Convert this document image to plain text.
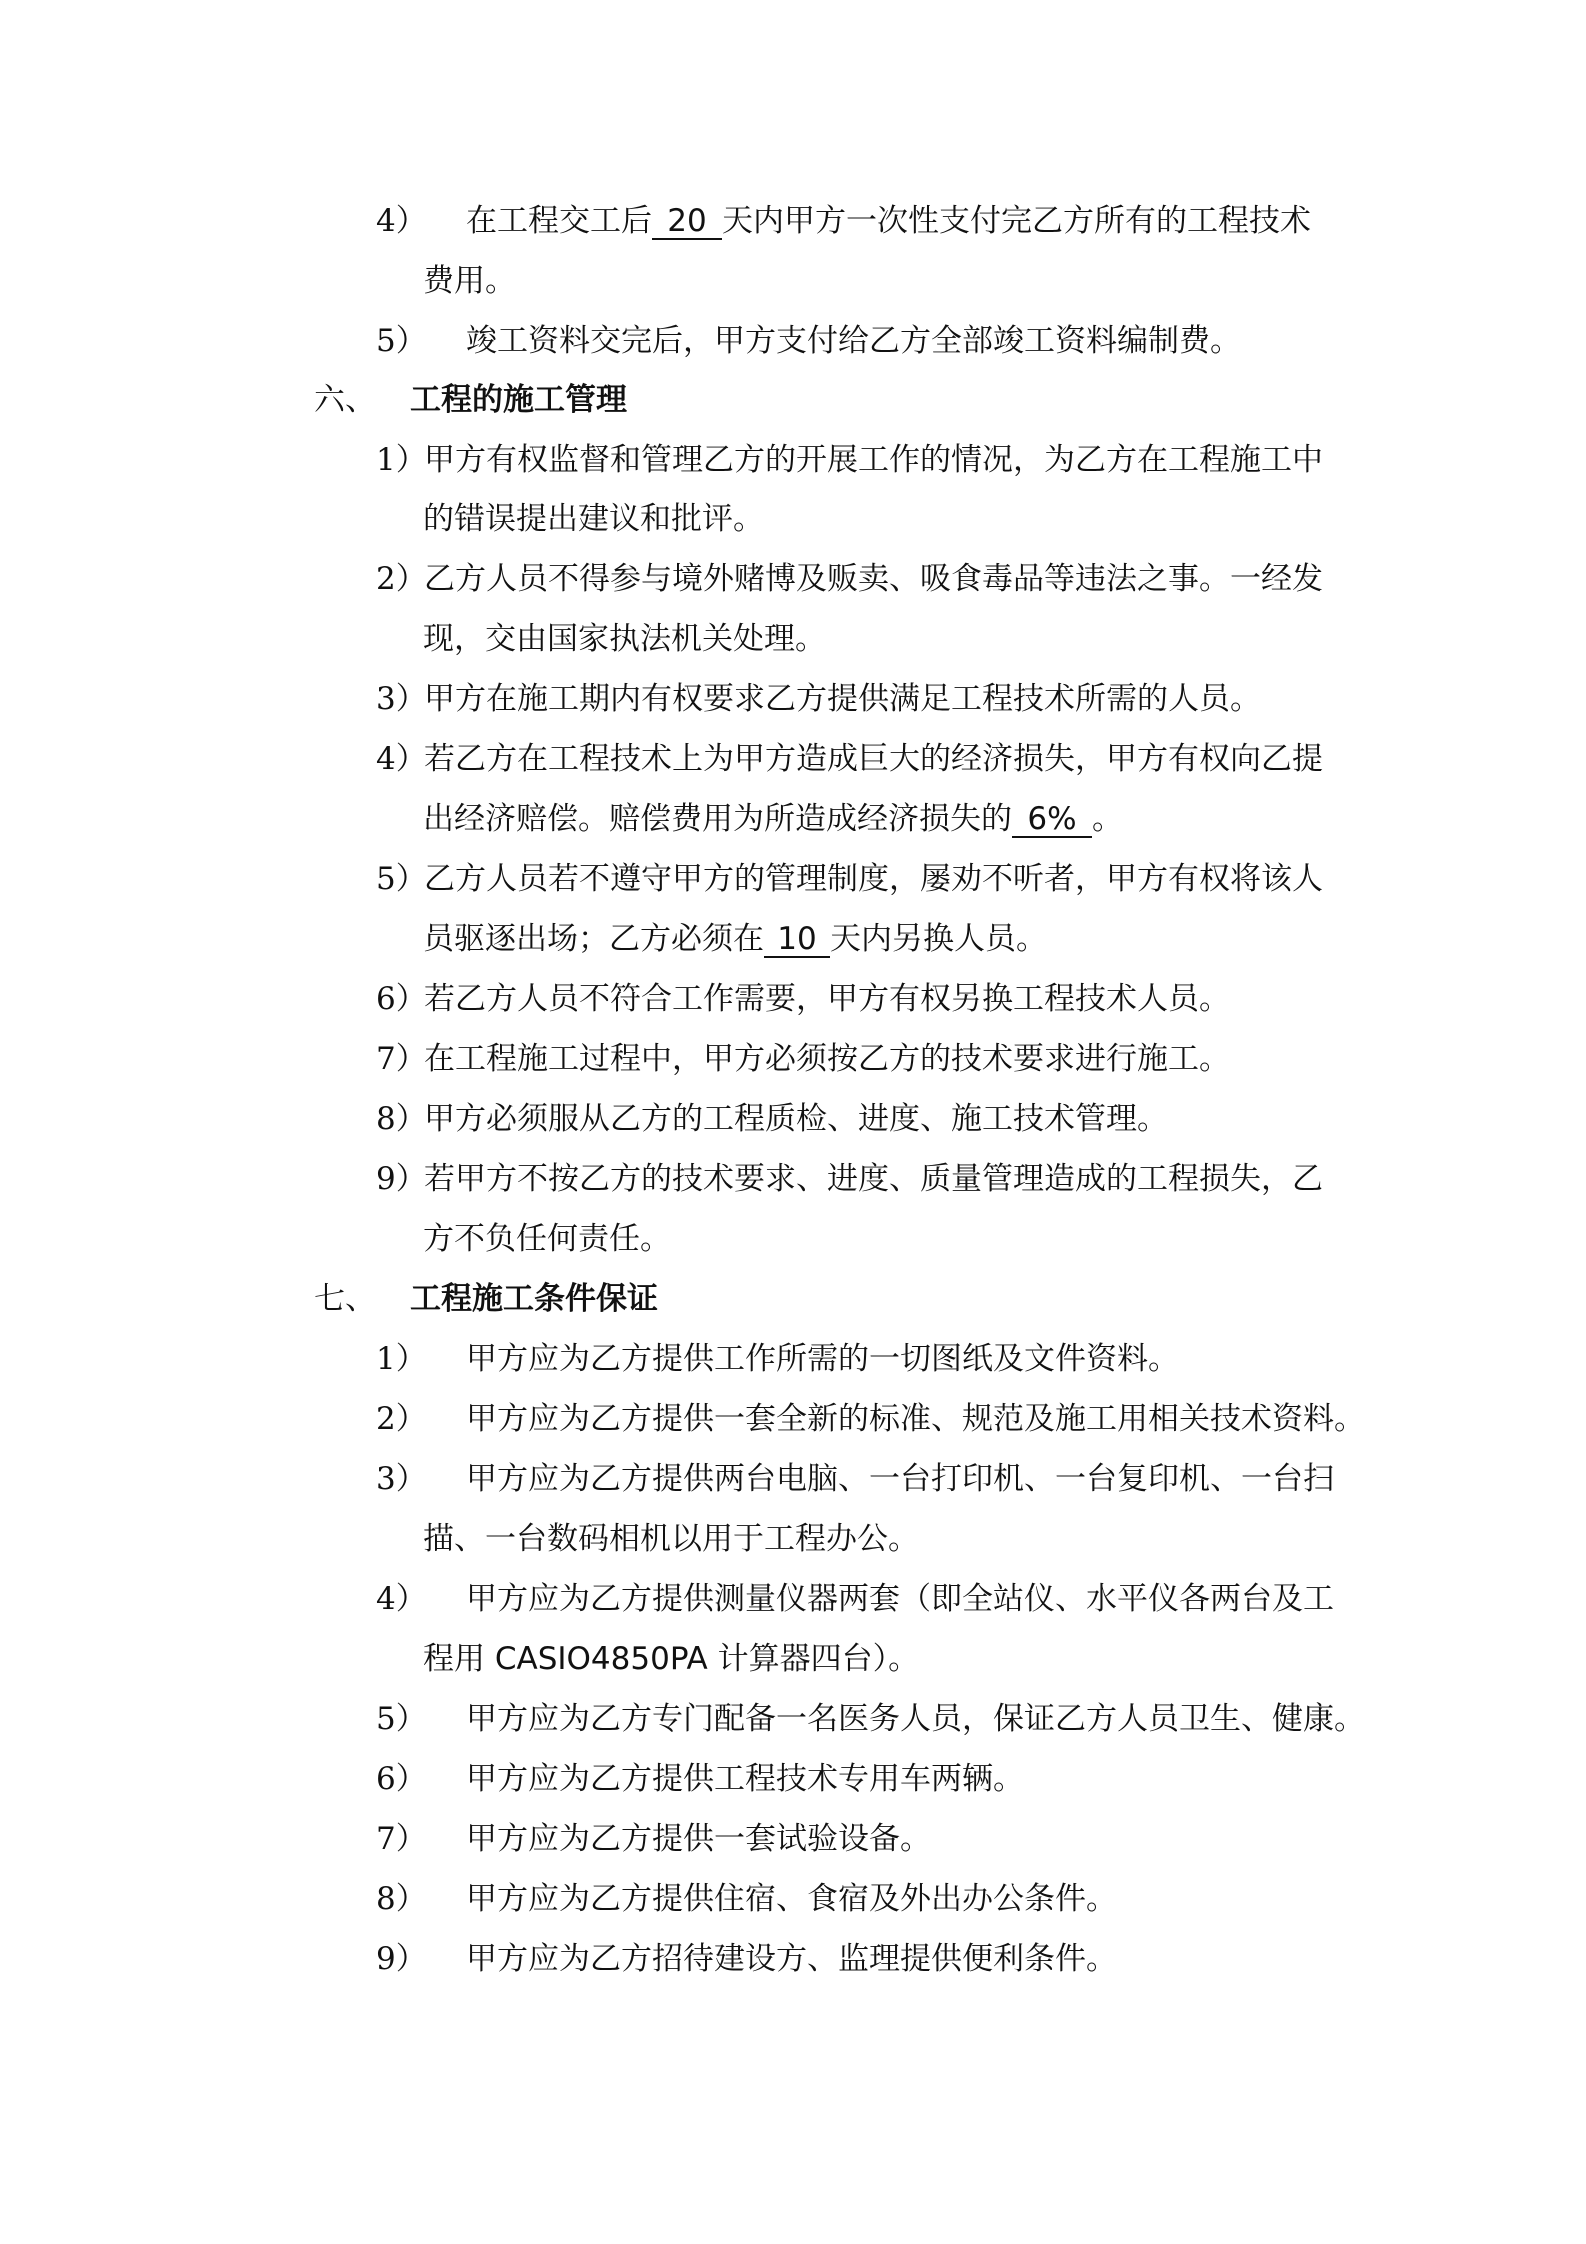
4） 在工程交工后 20 天内甲方一次性支付完乙方所有的工程技术
费用。
5） 竣工资料交完后，甲方支付给乙方全部竣工资料编制费。
六、 工程的施工管理
1）甲方有权监督和管理乙方的开展工作的情况，为乙方在工程施工中
的错误提出建议和批评。
2）乙方人员不得参与境外赌博及贩卖、吸食毒品等违法之事。一经发
现，交由国家执法机关处理。
3）甲方在施工期内有权要求乙方提供满足工程技术所需的人员。
4）若乙方在工程技术上为甲方造成巨大的经济损失，甲方有权向乙提
出经济赔偿。赔偿费用为所造成经济损失的 6% 。
5）乙方人员若不遵守甲方的管理制度，屡劝不听者，甲方有权将该人
员驱逐出场；乙方必须在 10 天内另换人员。
6）若乙方人员不符合工作需要，甲方有权另换工程技术人员。
7）在工程施工过程中，甲方必须按乙方的技术要求进行施工。
8）甲方必须服从乙方的工程质检、进度、施工技术管理。
9）若甲方不按乙方的技术要求、进度、质量管理造成的工程损失，乙
方不负任何责任。
七、 工程施工条件保证
1） 甲方应为乙方提供工作所需的一切图纸及文件资料。
2） 甲方应为乙方提供一套全新的标准、规范及施工用相关技术资料。
3） 甲方应为乙方提供两台电脑、一台打印机、一台复印机、一台扫
描、一台数码相机以用于工程办公。
4） 甲方应为乙方提供测量仪器两套（即全站仪、水平仪各两台及工
程用 CASIO4850PA 计算器四台）。
5） 甲方应为乙方专门配备一名医务人员，保证乙方人员卫生、健康。
6） 甲方应为乙方提供工程技术专用车两辆。
7） 甲方应为乙方提供一套试验设备。
8） 甲方应为乙方提供住宿、食宿及外出办公条件。
9） 甲方应为乙方招待建设方、监理提供便利条件。
